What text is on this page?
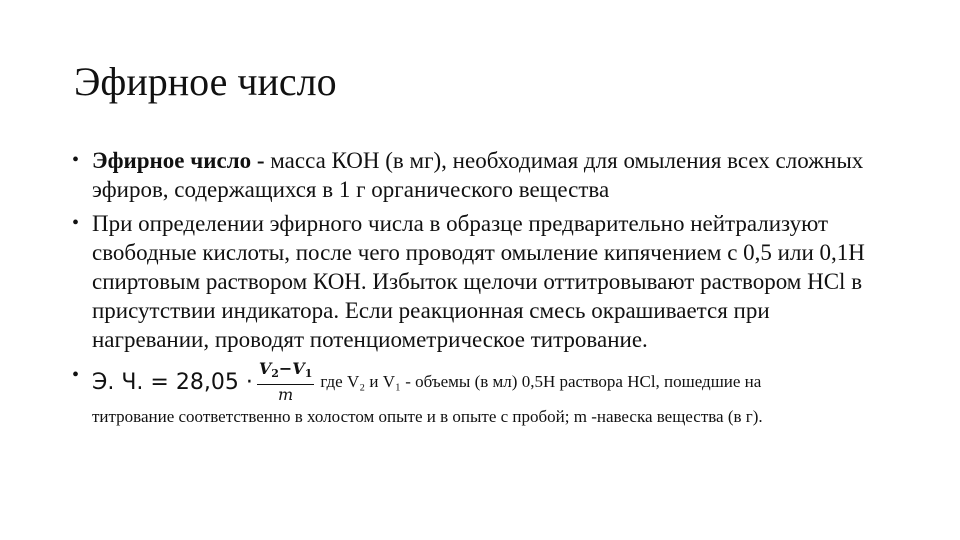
Эфирное число
• Эфирное число - масса КОН (в мг), необходимая для омыления всех сложных эфиров, содержащихся в 1 г органического вещества
• При определении эфирного числа в образце предварительно нейтрализуют свободные кислоты, после чего проводят омыление кипячением с 0,5 или 0,1Н спиртовым раствором КОН. Избыток щелочи оттитровывают раствором HCl в присутствии индикатора. Если реакционная смесь окрашивается при нагревании, проводят потенциометрическое титрование.
• Э. Ч. = $28,05 \cdot \frac{V_2-V_1}{m}$ где V₂ и V₁ - объемы (в мл) 0,5Н раствора HCl, пошедшие на
титрование соответственно в холостом опыте и в опыте с пробой; m -навеска вещества (в г).
